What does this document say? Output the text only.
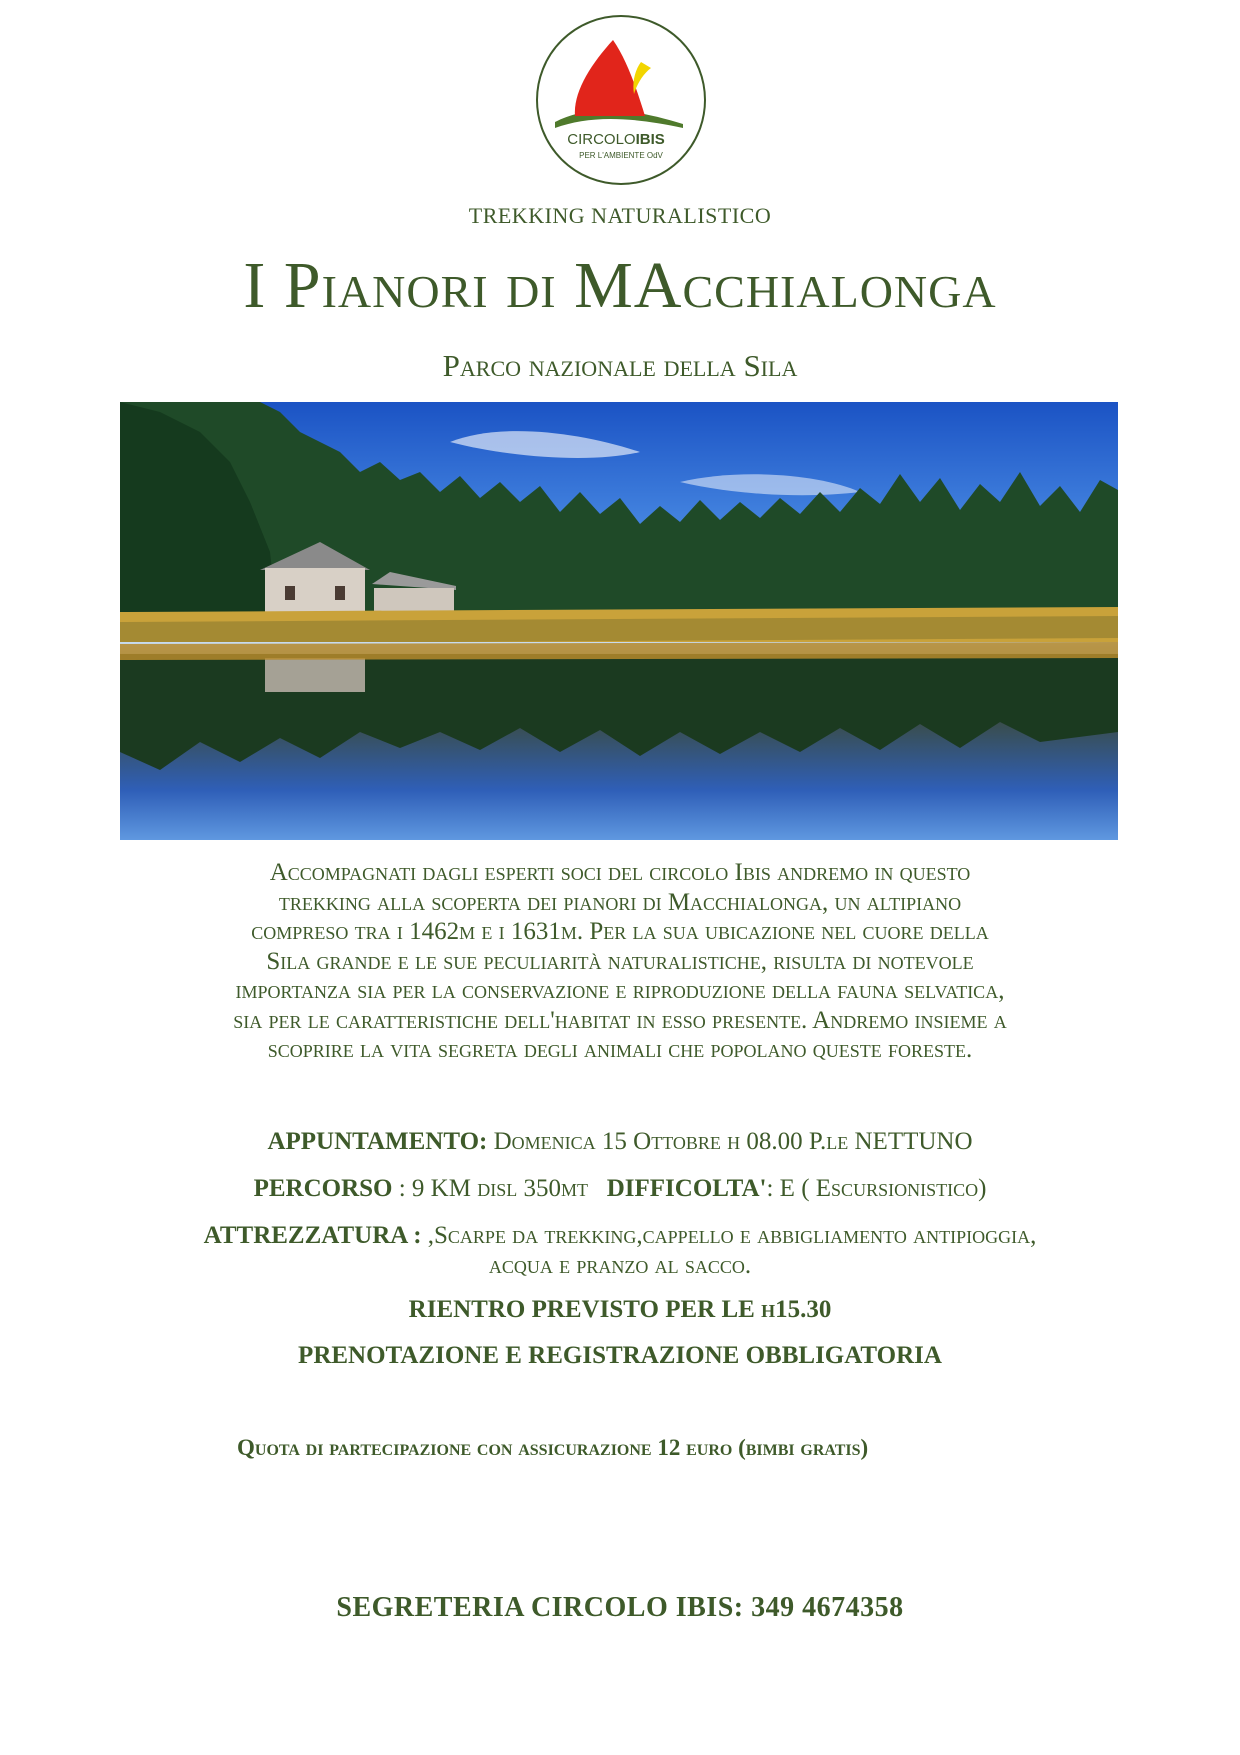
CIRCOLOIBIS
PER L'AMBIENTE OdV
TREKKING NATURALISTICO
I Pianori di MAcchialonga
Parco nazionale della Sila
Accompagnati dagli esperti soci del circolo Ibis andremo in questo
trekking alla scoperta dei pianori di Macchialonga, un altipiano
compreso tra i 1462m e i 1631m. Per la sua ubicazione nel cuore della
Sila grande e le sue peculiarità naturalistiche, risulta di notevole
importanza sia per la conservazione e riproduzione della fauna selvatica,
sia per le caratteristiche dell'habitat in esso presente. Andremo insieme a
scoprire la vita segreta degli animali che popolano queste foreste.
APPUNTAMENTO: Domenica 15 Ottobre h 08.00 P.le NETTUNO
PERCORSO : 9 KM disl 350mt   DIFFICOLTA': E ( Escursionistico)
ATTREZZATURA : ,Scarpe da trekking,cappello e abbigliamento antipioggia,
acqua e pranzo al sacco.
RIENTRO PREVISTO PER LE h15.30
PRENOTAZIONE E REGISTRAZIONE OBBLIGATORIA
Quota di partecipazione con assicurazione 12 euro (bimbi gratis)
SEGRETERIA CIRCOLO IBIS: 349 4674358
